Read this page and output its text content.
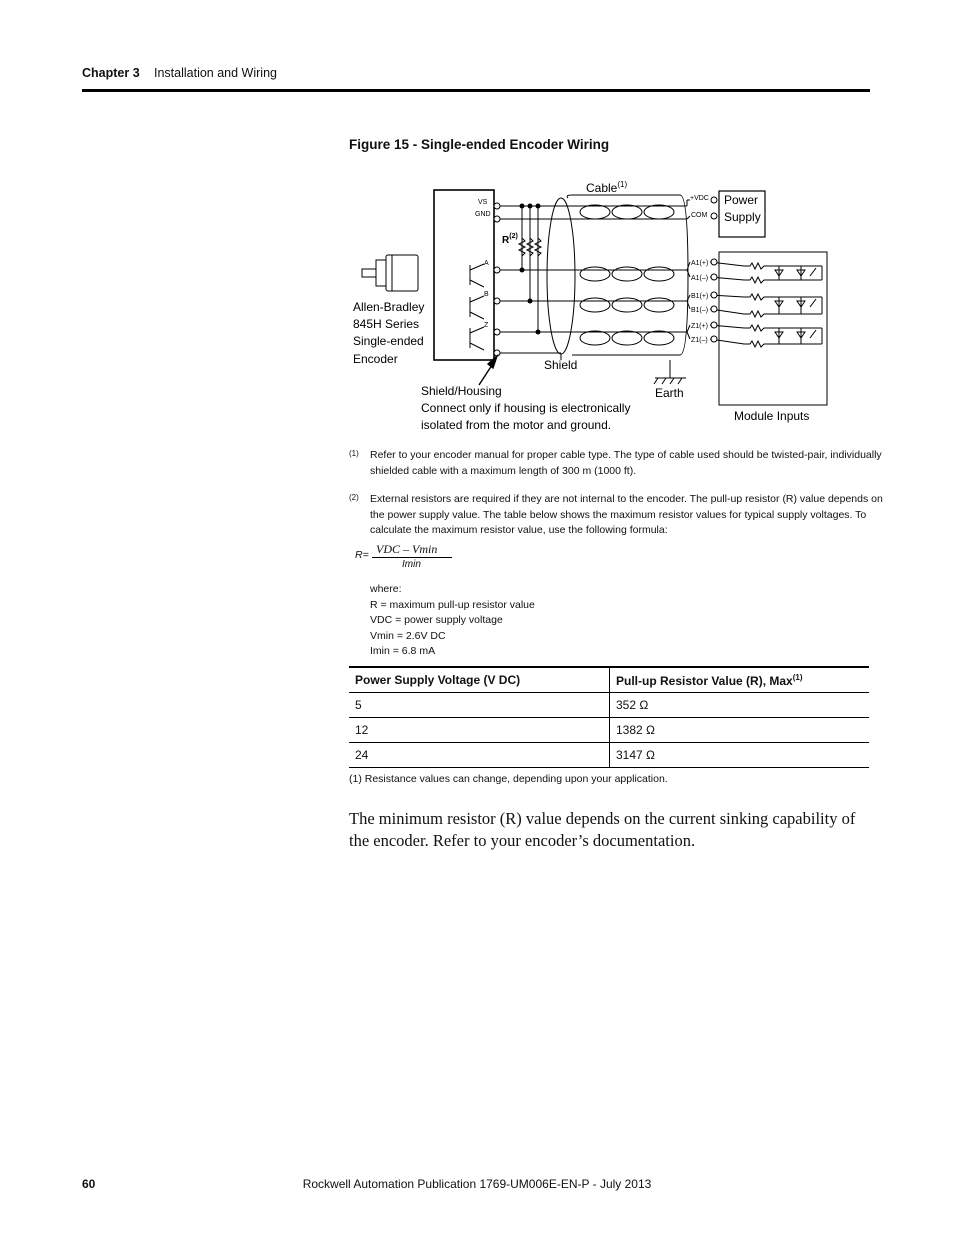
Chapter 3 Installation and Wiring
Figure 15 - Single-ended Encoder Wiring
Cable$^{(1)}$
VS
GND
$R^{(2)}$
A
B
Z
+VDC
COM
Power
Supply
A1(+)
A1(–)
B1(+)
B1(–)
Z1(+)
Z1(–)
Allen-Bradley
845H Series
Single-ended
Encoder	Shield
Shield/Housing
Connect only if housing is electronically
isolated from the motor and ground.
Earth
Module Inputs
(1) Refer to your encoder manual for proper cable type. The type of cable used should be twisted-pair, individually
shielded cable with a maximum length of 300 m (1000 ft).
(2) External resistors are required if they are not internal to the encoder. The pull-up resistor (R) value depends on
the power supply value. The table below shows the maximum resistor values for typical supply voltages. To
calculate the maximum resistor value, use the following formula:
R= VDC – Vmin
Imin
where:
R = maximum pull-up resistor value
VDC = power supply voltage
Vmin = 2.6V DC
Imin = 6.8 mA
Power Supply Voltage (V DC)	Pull-up Resistor Value (R), Max$^{(1)}$
5	352 Ω
12	1382 Ω
24	3147 Ω
(1) Resistance values can change, depending upon your application.
The minimum resistor (R) value depends on the current sinking capability of the encoder. Refer to your encoder’s documentation.
60	Rockwell Automation Publication 1769-UM006E-EN-P - July 2013
